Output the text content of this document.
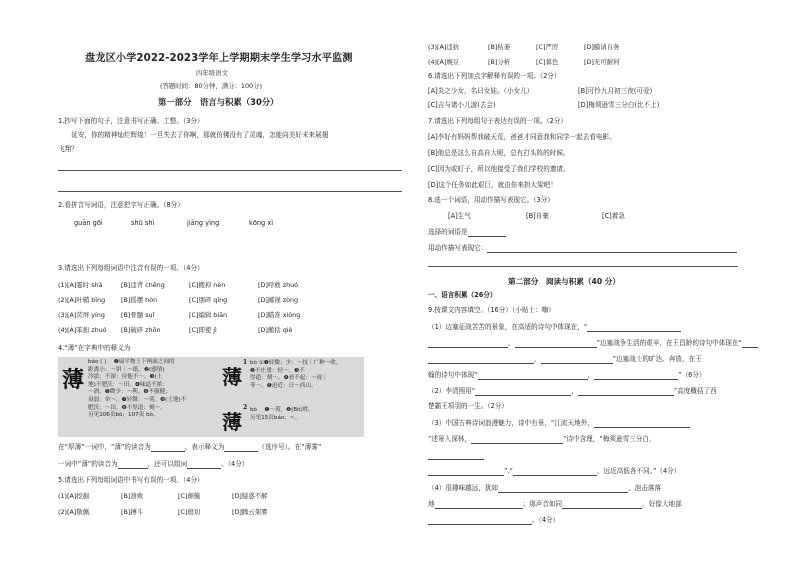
盘龙区小学2022-2023学年上学期期末学生学习水平监测
四年级语文
(答题时间：80分钟，满分：100分)
第一部分　语言与积累（30分）
1.抄写下面的句子，注意书写正确、工整。（3分）
　　延安，你的精神灿烂辉煌！一旦失去了你啊，那就仿佛没有了灵魂，怎能向美好未来展翅
飞翔？
2.看拼音写词语，注意把字写正确。（8分）
guān gōi	shū shì	jiāng yìng	kōng xì
3.请选出下列每组词语中注音有误的一项。（4分）
(1)[A]霎时 shà	[B]违背 chēng	[C]搬掉 nèn	[D]呼救 zhuó
(2)[A]叶鞘 bīng [B]摇摆 hòn	[C]朋碎 qīng	[D]鄙视 zòng
(3)[A]荧屏 yíng	[B]骨髓 suǐ	[C]编辑 biān	[D]瞄准 xióng
(4)[A]笨拙 zhuó [B]破碎 zhōn	[C]即使 jì	[D]搬括 qiè
4.“薄”在字典中的释义为
薄
báo ( ) 　❶扁平物上下两面之间的
距离小：～饼｜～纸。❷(感情)
冷淡；不深：待他不～。❸(土
地)不肥沃：～田。❹味道不浓：
～酒。❺微少：～利。❻不强健；
衰弱：单～。❼轻微：～荷。❽(土地)不
肥沃：～田。❾不厚道：刻～。
另见106页bó；107页 bò。
薄
1 bó ①❶轻微；少：～技｜广种～收。
❷不庄重：轻～。❸不
厚道：刻～。❹看不起：～视｜
菲～。❺迫近：日～西山。
薄
2 bò 　❶～荷。❷(Bó)姓。
另见15页báo；~。
在“厚薄”一词中，“薄”的读音为	，表示释义为	（选序号）。在“薄雾”
一词中“薄”的读音为	，还可以组词	。（4分）
5.请选出下列每组词语中书写有误的一项。（4分）
(1)[A]挖掘	[B]溃败	[C]颠簸	[D]疑惑不解
(2)[A]敬佩	[B]搏斗	[C]殷切	[D]腾云架雾
(3)[A]违抗	[B]枯萎	[C]严厉	[D]膜请自务
(4)[A]婉豆	[B]分析	[C]暮色	[D]无可耐何
6.请选出下列加点字解释有误的一项。（2分）
[A]炎之少女，名曰女娃。（小女儿）	[B]可怜九月初三夜(可爱)
[C]吉与诸小儿游(去会)	[D]梅须逊雪三分白(比不上)
7.请选出下列每组句子表达有误的一项。（2分）
[A]李好有妈妈帮我破天荒，爸爸才同意我和同学一起去看电影。
[B]他总是这么自高自大呢，总有打头阵的时候。
[C]因为或盯子，所以他接受了我们学校的邀请。
[D]这个任务如此艰巨，就由你来担大梁吧！
8.选一个词语，用动作描写表现它。（3分）
[A]生气	[B]自豪	[C]着急
选择的词语是
用动作描写表现它：
第二部分　阅读与积累（40 分）
一、语言积累（26分）
9.按课文内容填空。（16分）（小贴士：嗨）
（1）边塞征战苦苦的景象，在高适的诗句中体现在，“
，	”边塞战争生活的艰辛，在王昌龄的诗句中体现在“
，	”边塞战士的旷达、奔放，在王
翰的诗句中体现“	，	”（6分）
（2）李清照用“	，	”高度概括了西
楚霸王项羽的一生。（2分）
（3）中国古典诗词浪漫魅力，诗中有景，“江流天地外，
”述景入深林，	”诗中含理，“梅须逊雪三分白，
”.“	，远近高低各不同。”（4分）
（4）很趣味越远，犹如	，泡击落落
地	；那声音如同	，好像大地部
。（4分）
